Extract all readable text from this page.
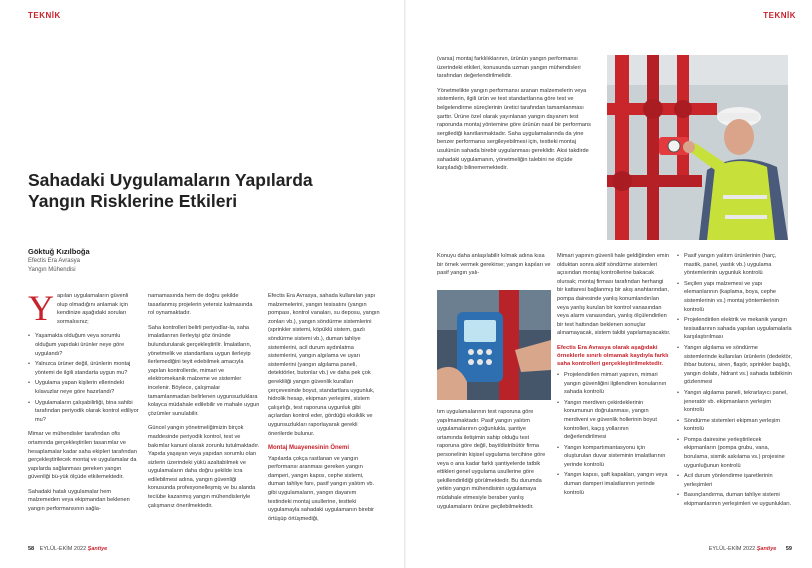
TEKNİK
Sahadaki Uygulamaların Yapılarda Yangın Risklerine Etkileri
Göktuğ Kızılboğa
Efectis Era Avrasya
Yangın Mühendisi

Y apılan uygulamaların güvenli olup olmadığını anlamak için kendinize aşağıdaki soruları sormalısınız;

• Yaşamakta olduğum veya sorumlu olduğum yapıdaki ürünler neye göre uygulandı?
• Yalnızca ürüner değil, ürünlerin montaj yöntemi de ilgili standarta uygun mu?
• Uygulama yapan kişilerin ellerindeki kılavuzlar neye göre hazırlandı?
• Uygulamaların çalışabilirliği, bina sahibi tarafından periyodik olarak kontrol ediliyor mu?

Mimar ve mühendisler tarafından ofis ortamında gerçekleştirilen tasarımlar ve hesaplamalar kadar saha ekipleri tarafından gerçekleştirilecek montaj ve uygulamalar da yapılarda sağlanması gereken yangın güvenliği bü-yük ölçüde etkilemektedir.

Sahadaki hatalı uygulamalar hem malzemeden veya ekipmandan beklenen yangın performansının sağla-

namamasında hem de doğru şekilde tasarlanmış projelerin yetersiz kalmasında rol oynamaktadır.

Saha kontrolleri belirli periyodlar-la, saha imalatlarının ilerleyişi göz önünde bulundurularak gerçekleştirilir. İmalatların, yönetmelik ve standartlara uygun ilerleyip ilerlemediğini teyit edebilmek amacıyla yapılan kontrollerde, mimari ve elektromekanik malzeme ve sistemler incelenir. Böylece, çalışmalar tamamlanmadan belirlenen uygunsuzluklara kolayca müdahale edilebilir ve mahale uygun çözümler sunulabilir.

Güncel yangın yönetmeliğimizin birçok maddesinde periyodik kontrol, test ve bakımlar kanuni olarak zorunlu tutulmaktadır. Yapıda yaşayan veya yapıdan sorumlu olan sizlerin üzerindeki yükü azaltabilmek ve uygulamaların daha doğru şekilde icra edilebilmesi adına, yangın güvenliği konusunda profesyonelleşmiş ve bu alanda teciübe kazanmış yangın mühendisleriyle çalışmanız önerilmektedir.

Efectis Era Avrasya, sahada kullanılan yapı malzemelerini, yangın tesisatını (yangın pompası, kontrol vanaları, su deposu, yangın zonları vb.), yangın söndürme sistemlerini (sprinkler sistemi, köpüklü sistem, gazlı söndürme sistemi vb.), duman tahliye sistemlerini, acil durum aydınlatma sistemlerini, yangın algılama ve uyarı sistemlerini (yangın algılama paneli, detektörler, butonlar vb.) ve daha pek çok gerekliliği yangın güvenlik kuralları çerçevesinde boyut, standartlara uygunluk, hidrolik hesap, ekipman yerleşimi, sistem çalışırlığı, test raporuna uygunluk gibi açılardan kontrol eder, gördüğü eksiklik ve uygunsuzlukları raporlayarak gerekli önerilerde bulunur.

Montaj Muayenesinin Önemi

Yapılarda çokça rastlanan ve yangın performansı aranması gereken yangın damperi, yangın kapısı, cephe sistemi, duman tahliye fanı, pasif yangın yalıtım vb. gibi uygulamaların, yangın dayanım testindeki montaj usullerine, testteki uygulamayla sahadaki uygulamanın birebir örtüşüp örtüşmediği,

58 EYLÜL-EKİM 2022 Şantiye
TEKNİK
EYLÜL-EKİM 2022 Şantiye 59

(varsa) montaj farklılıklarının, ürünün yangın performansı üzerindeki etkileri, konusunda uzman yangın mühendisleri tarafından değerlendirilmelidir.

Yönetmelikte yangın performansı aranan malzemelerin veya sistemlerin, ilgili ürün ve test standartlarına göre test ve belgelendirme süreçlerinin üretici tarafından tamamlanması şarttır. Ürüne özel olarak yayınlanan yangın dayanım test raporunda montaj yöntemine göre ürünün nasıl bir performans sergilediği kanıtlanmaktadır. Saha uygulamalarında da yine benzer performansı sergileyebilmesi için, testteki montaj usulünün sahada birebir uygulanması gereklidir. Aksi takdirde sahadaki uygulamanın, yönetmeliğin talebini ne ölçüde karşıladığı bilinememektedir.

Konuyu daha anlaşılabilir kılmak adına kısa bir örnek vermek gerekirse; yangın kapıları ve pasif yangın yalı-

tım uygulamalarının test raporuna göre yapılmamaktadır. Pasif yangın yalıtım uygulamalarının çoğunlukla, şantiye ortamında iletişimin sahip olduğu test raporuna göre değil, bayi/distribütör firma personelinin kişisel uygulama tercihine göre veya o ana kadar farklı şantiyelerde tatbik ettikleri genel uygulama usullerine göre şekillendirildiği görülmektedir. Bu durumda yetkin yangın mühendisinin uygulamaya müdahale etmesiyle beraber yanlış uygulamaların önüne geçilebilmektedir.

Mimari yapının güvenli hale geldiğinden emin olduktan sonra aktif söndürme sistemleri açısından montaj kontrollerine bakacak olursak; montaj firması tarafından herhangi bir kattaresi bağlanmış bir akış anahtarından, pompa dairesinde yanlış konumlandırılan veya yanlış kurulan bir kontrol vanasından veya alarm vanasından, yanlış ölçülendirilen bir test hattından beklenen sonuçlar alınamayacak, sistem takibi yapılamayacaktır.

Efectis Era Avrasya olarak aşağıdaki örneklerle sınırlı olmamak kaydıyla farklı saha kontrolleri gerçekleştirilmektedir.
• Projelendirilen mimari yapının, mimari yangın güvenliğini ilgilendiren konularının sahada kontrolü
• Yangın merdiven çekirdeklerinin konumunun doğrulanması, yangın merdiveni ve güvenlik hollerinin boyut kontrolleri, kaçış yollarının değerlendirilmesi
• Yangın kompartımantasyonu için oluşturulan duvar sisteminin imalatlarının yerinde kontrolü
• Yangın kapısı, şaft kapakları, yangın veya duman damperi imalatlarının yerinde kontrolü
• Pasif yangın yalıtım ürünlerinin (harç, mastik, panel, yastık vb.) uygulama yöntemlerinin uygunluk kontrolü
• Seçilen yapı malzemesi ve yapı elemanlarının (kaplama, boya, cephe sistemlerinin vs.) montaj yöntemlerinin kontrolü
• Projelendirilen elektrik ve mekanik yangın tesisatlarının sahada yapılan uygulamalarla karşılaştırılması
• Yangın algılama ve söndürme sistemlerinde kullanılan ürünlerin (dedektör, ihbar butonu, siren, flaşör, sprinkler başlığı, yangın dolabı, hidrant vs.) sahada tatbikinin gözlenmesi
• Yangın algılama paneli, tekrarlayıcı panel, jeneratör vb. ekipmanların yerleşim kontrolü
• Söndürme sistemleri ekipman yerleşim kontrolü
• Pompa dairesine yerleştirilecek ekipmanların (pompa grubu, vana, borulama, sismik askılama vs.) projesine uygunluğunun kontrolü
• Acil durum yönlendirme işaretlerinin yerleşimleri
• Basınçlandırma, duman tahliye sistemi ekipmanlarının yerleşimleri ve uygunlukları.
